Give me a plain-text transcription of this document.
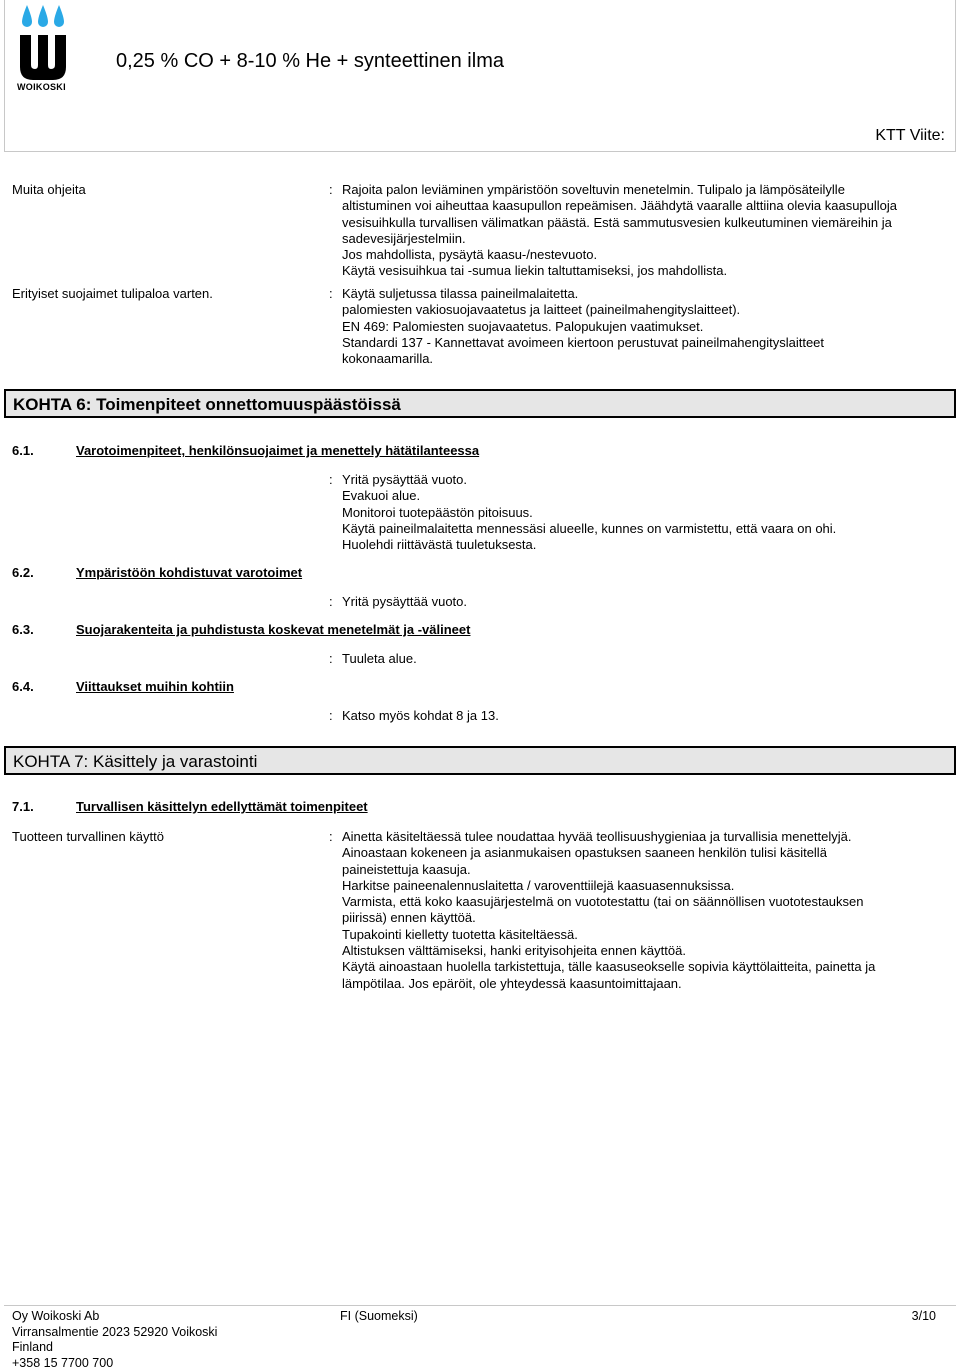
WOIKOSKI
0,25 % CO + 8-10 % He + synteettinen ilma
KTT Viite:
Muita ohjeita	: Rajoita palon leviäminen ympäristöön soveltuvin menetelmin. Tulipalo ja lämpösäteilylle

altistuminen voi aiheuttaa kaasupullon repeämisen. Jäähdytä vaaralle alttiina olevia kaasupulloja

vesisuihkulla turvallisen välimatkan päästä. Estä sammutusvesien kulkeutuminen viemäreihin ja

sadevesijärjestelmiin.

Jos mahdollista, pysäytä kaasu-/nestevuoto.

Käytä vesisuihkua tai -sumua liekin taltuttamiseksi, jos mahdollista.

Erityiset suojaimet tulipaloa varten.	: Käytä suljetussa tilassa paineilmalaitetta.

palomiesten vakiosuojavaatetus ja laitteet (paineilmahengityslaitteet).

EN 469: Palomiesten suojavaatetus. Palopukujen vaatimukset.

Standardi 137 - Kannettavat avoimeen kiertoon perustuvat paineilmahengityslaitteet

kokonaamarilla.

KOHTA 6: Toimenpiteet onnettomuuspäästöissä
6.1.	Varotoimenpiteet, henkilönsuojaimet ja menettely hätätilanteessa
: Yritä pysäyttää vuoto.

Evakuoi alue.

Monitoroi tuotepäästön pitoisuus.

Käytä paineilmalaitetta mennessäsi alueelle, kunnes on varmistettu, että vaara on ohi.

Huolehdi riittävästä tuuletuksesta.

6.2.	Ympäristöön kohdistuvat varotoimet
: Yritä pysäyttää vuoto.

6.3.	Suojarakenteita ja puhdistusta koskevat menetelmät ja -välineet
: Tuuleta alue.

6.4.	Viittaukset muihin kohtiin
: Katso myös kohdat 8 ja 13.

KOHTA 7: Käsittely ja varastointi
7.1.	Turvallisen käsittelyn edellyttämät toimenpiteet
Tuotteen turvallinen käyttö	: Ainetta käsiteltäessä tulee noudattaa hyvää teollisuushygieniaa ja turvallisia menettelyjä.

Ainoastaan kokeneen ja asianmukaisen opastuksen saaneen henkilön tulisi käsitellä

paineistettuja kaasuja.

Harkitse paineenalennuslaitetta / varoventtiilejä kaasuasennuksissa.

Varmista, että koko kaasujärjestelmä on vuototestattu (tai on säännöllisen vuototestauksen

piirissä) ennen käyttöä.

Tupakointi kielletty tuotetta käsiteltäessä.

Altistuksen välttämiseksi, hanki erityisohjeita ennen käyttöä.

Käytä ainoastaan huolella tarkistettuja, tälle kaasuseokselle sopivia käyttölaitteita, painetta ja

lämpötilaa. Jos epäröit, ole yhteydessä kaasuntoimittajaan.

Oy Woikoski Ab

Virransalmentie 2023 52920 Voikoski

Finland

+358 15 7700 700

FI (Suomeksi)	3/10
